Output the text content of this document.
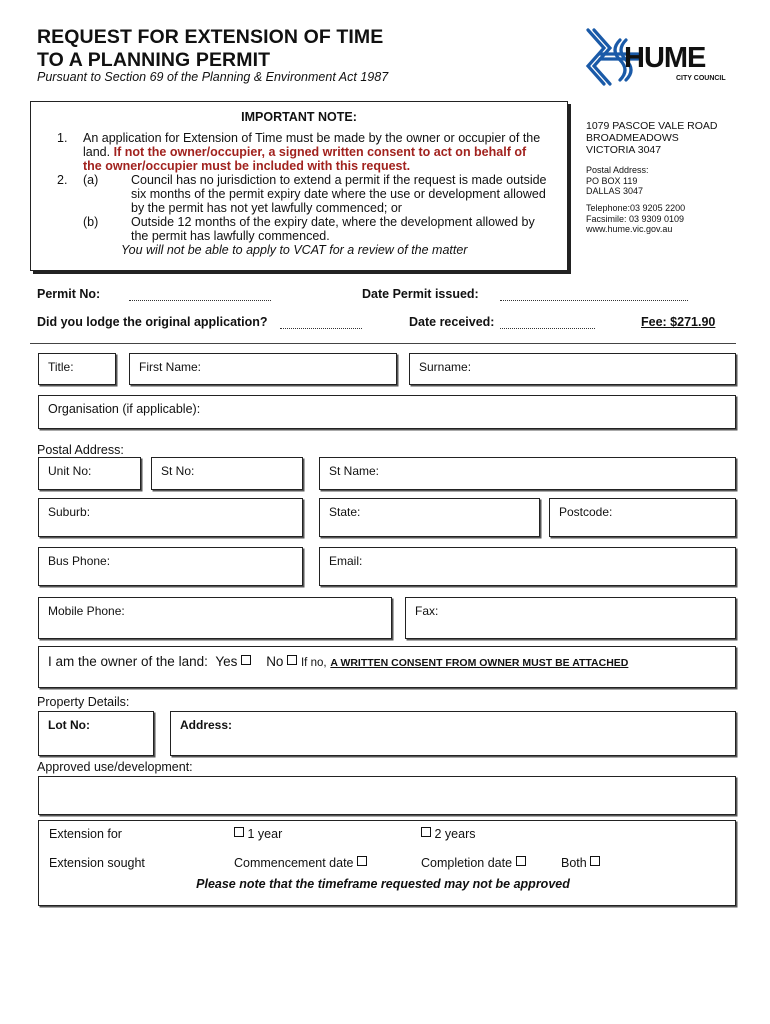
REQUEST FOR EXTENSION OF TIME
TO A PLANNING PERMIT
Pursuant to Section 69 of the Planning & Environment Act 1987
HUME
CITY COUNCIL
IMPORTANT NOTE:
1. An application for Extension of Time must be made by the owner or occupier of the
land. If not the owner/occupier, a signed written consent to act on behalf of
the owner/occupier must be included with this request.
2. (a)	Council has no jurisdiction to extend a permit if the request is made outside
six months of the permit expiry date where the use or development allowed
by the permit has not yet lawfully commenced; or
(b)	Outside 12 months of the expiry date, where the development allowed by
the permit has lawfully commenced.
You will not be able to apply to VCAT for a review of the matter
1079 PASCOE VALE ROAD
BROADMEADOWS
VICTORIA 3047
Postal Address:
PO BOX 119
DALLAS 3047
Telephone:03 9205 2200
Facsimile: 03 9309 0109
www.hume.vic.gov.au
Permit No:	Date Permit issued:
Did you lodge the original application?	Date received:	Fee: $271.90
Title:	First Name:	Surname:
Organisation (if applicable):
Postal Address:
Unit No:	St No:	St Name:
Suburb:	State:	Postcode:
Bus Phone:	Email:
Mobile Phone:	Fax:
I am the owner of the land: Yes No If no, A WRITTEN CONSENT FROM OWNER MUST BE ATTACHED
Property Details:
Lot No:	Address:
Approved use/development:
Extension for	1 year	2 years
Extension sought	Commencement date	Completion date	Both
Please note that the timeframe requested may not be approved
